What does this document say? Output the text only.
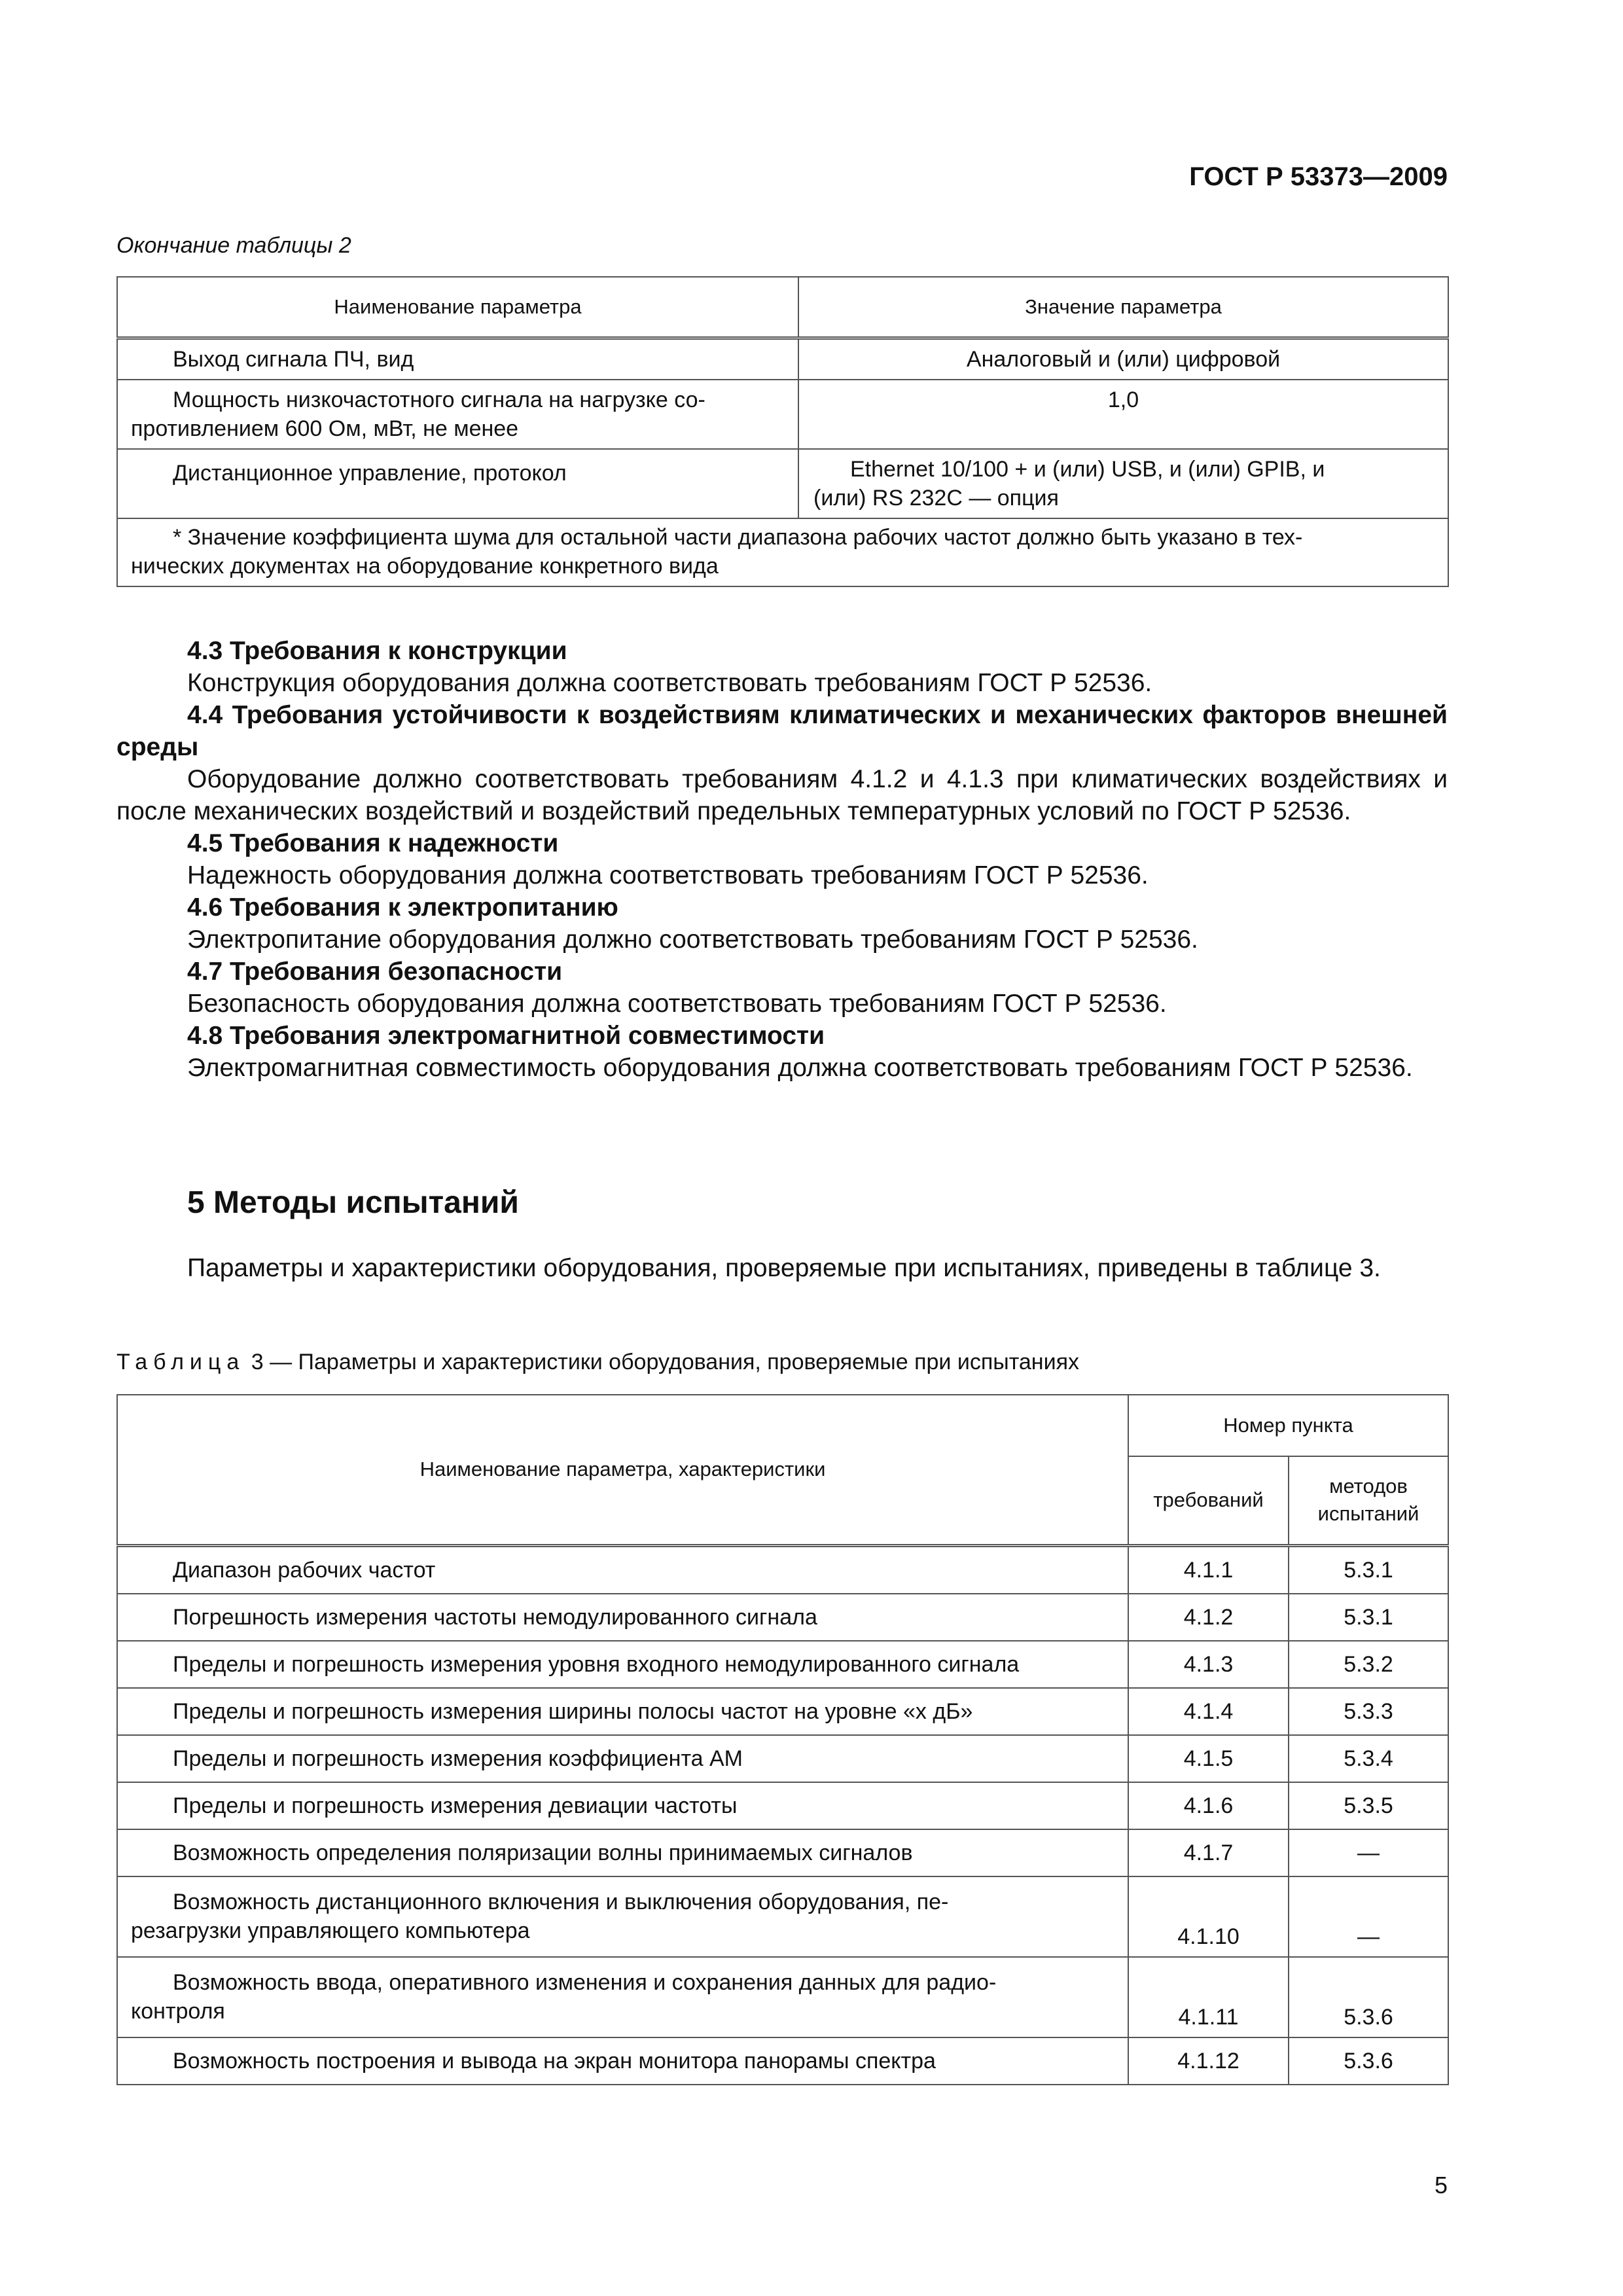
ГОСТ Р 53373—2009
Окончание таблицы 2
Наименование параметра	Значение параметра
Выход сигнала ПЧ, вид	Аналоговый и (или) цифровой

Мощность низкочастотного сигнала на нагрузке со-
противлением 600 Ом, мВт, не менее	1,0
Дистанционное управление, протокол	Ethernet 10/100 + и (или) USB, и (или) GPIB, и
(или) RS 232C — опция

* Значение коэффициента шума для остальной части диапазона рабочих частот должно быть указано в тех-
нических документах на оборудование конкретного вида	

4.3 Требования к конструкции

Конструкция оборудования должна соответствовать требованиям ГОСТ Р 52536.

4.4 Требования устойчивости к воздействиям климатических и механических факторов внешней среды

Оборудование должно соответствовать требованиям 4.1.2 и 4.1.3 при климатических воздействиях и после механических воздействий и воздействий предельных температурных условий по ГОСТ Р 52536.

4.5 Требования к надежности

Надежность оборудования должна соответствовать требованиям ГОСТ Р 52536.

4.6 Требования к электропитанию

Электропитание оборудования должно соответствовать требованиям ГОСТ Р 52536.

4.7 Требования безопасности

Безопасность оборудования должна соответствовать требованиям ГОСТ Р 52536.

4.8 Требования электромагнитной совместимости

Электромагнитная совместимость оборудования должна соответствовать требованиям ГОСТ Р 52536.

5 Методы испытаний

Параметры и характеристики оборудования, проверяемые при испытаниях, приведены в таблице 3.

Таблица 3 — Параметры и характеристики оборудования, проверяемые при испытаниях
Наименование параметра, характеристики	Номер пункта	
	требований	методов
испытаний

Диапазон рабочих частот	4.1.1	5.3.1
Погрешность измерения частоты немодулированного сигнала	4.1.2	5.3.1
Пределы и погрешность измерения уровня входного немодулированного сигнала	4.1.3	5.3.2
Пределы и погрешность измерения ширины полосы частот на уровне «x дБ»	4.1.4	5.3.3
Пределы и погрешность измерения коэффициента АМ	4.1.5	5.3.4
Пределы и погрешность измерения девиации частоты	4.1.6	5.3.5
Возможность определения поляризации волны принимаемых сигналов	4.1.7	—

Возможность дистанционного включения и выключения оборудования, пе-
резагрузки управляющего компьютера	4.1.10	—

Возможность ввода, оперативного изменения и сохранения данных для радио-
контроля	4.1.11	5.3.6
Возможность построения и вывода на экран монитора панорамы спектра	4.1.12	5.3.6
5
